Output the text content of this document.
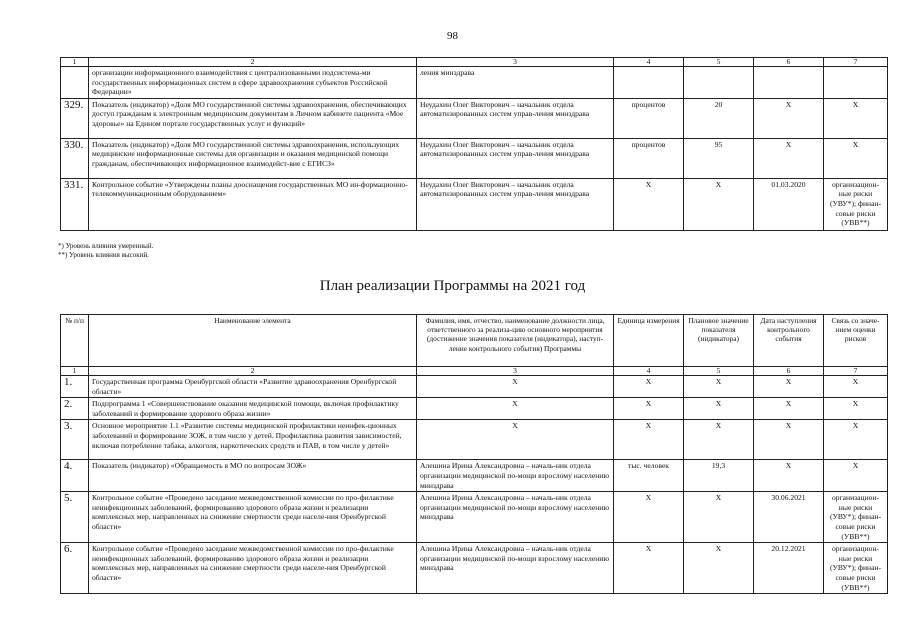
98
1	2	3	4	5	6	7
	организации информационного взаимодействия с централизованными подсистема-ми государственных информационных систем в сфере здравоохранения субъектов Российской Федерации»	ления минздрава				
329.	Показатель (индикатор) «Доля МО государственной системы здравоохранения, обеспечивающих доступ гражданам к электронным медицинским документам в Личном кабинете пациента «Мое здоровье» на Едином портале государственных услуг и функций»	Неудахин Олег Викторович – начальник отдела автоматизированных систем управ-ления минздрава	процентов	20	X	X
330.	Показатель (индикатор) «Доля МО государственной системы здравоохранения, использующих медицинские информационные системы для организации и оказания медицинской помощи гражданам, обеспечивающих информационное взаимодейст-вие с ЕГИСЗ»	Неудахин Олег Викторович – начальник отдела автоматизированных систем управ-ления минздрава	процентов	95	X	X
331.	Контрольное событие «Утверждены планы дооснащения государственных МО ин-формационно-телекоммуникационным оборудованием»	Неудахин Олег Викторович – начальник отдела автоматизированных систем управ-ления минздрава	X	X	01.03.2020	организацион-ные риски (УВУ*); финан-совые риски (УВВ**)
*) Уровень влияния умеренный.
**) Уровень влияния высокий.
План реализации Программы на 2021 год
№ п/п	Наименование элемента	Фамилия, имя, отчество, наименование должности лица, ответственного за реализа-цию основного мероприятия (достижение значения показателя (индикатора), наступ-ление контрольного события) Программы	Единица измерения	Плановое значение показателя (индикатора)	Дата наступления контрольного события	Связь со значе-нием оценки рисков
1	2	3	4	5	6	7
1.	Государственная программа Оренбургской области «Развитие здравоохранения Оренбургской области»	X	X	X	X	X
2.	Подпрограмма 1 «Совершенствование оказания медицинской помощи, включая профилактику заболеваний и формирование здорового образа жизни»	X	X	X	X	X
3.	Основное мероприятие 1.1 «Развитие системы медицинской профилактики неинфек-ционных заболеваний и формирование ЗОЖ, в том числе у детей. Профилактика развития зависимостей, включая потребление табака, алкоголя, наркотических средств и ПАВ, в том числе у детей»	X	X	X	X	X
4.	Показатель (индикатор) «Обращаемость в МО по вопросам ЗОЖ»	Алешина Ирина Александровна – началь-ник отдела организации медицинской по-мощи взрослому населению минздрава	тыс. человек	19,3	X	X
5.	Контрольное событие «Проведено заседание межведомственной комиссии по про-филактике неинфекционных заболеваний, формированию здорового образа жизни и реализации комплексных мер, направленных на снижение смертности среди населе-ния Оренбургской области»	Алешина Ирина Александровна – началь-ник отдела организации медицинской по-мощи взрослому населению минздрава	X	X	30.06.2021	организацион-ные риски (УВУ*); финан-совые риски (УВВ**)
6.	Контрольное событие «Проведено заседание межведомственной комиссии по про-филактике неинфекционных заболеваний, формированию здорового образа жизни и реализации комплексных мер, направленных на снижение смертности среди населе-ния Оренбургской области»	Алешина Ирина Александровна – началь-ник отдела организации медицинской по-мощи взрослому населению минздрава	X	X	20.12.2021	организацион-ные риски (УВУ*); финан-совые риски (УВВ**)
